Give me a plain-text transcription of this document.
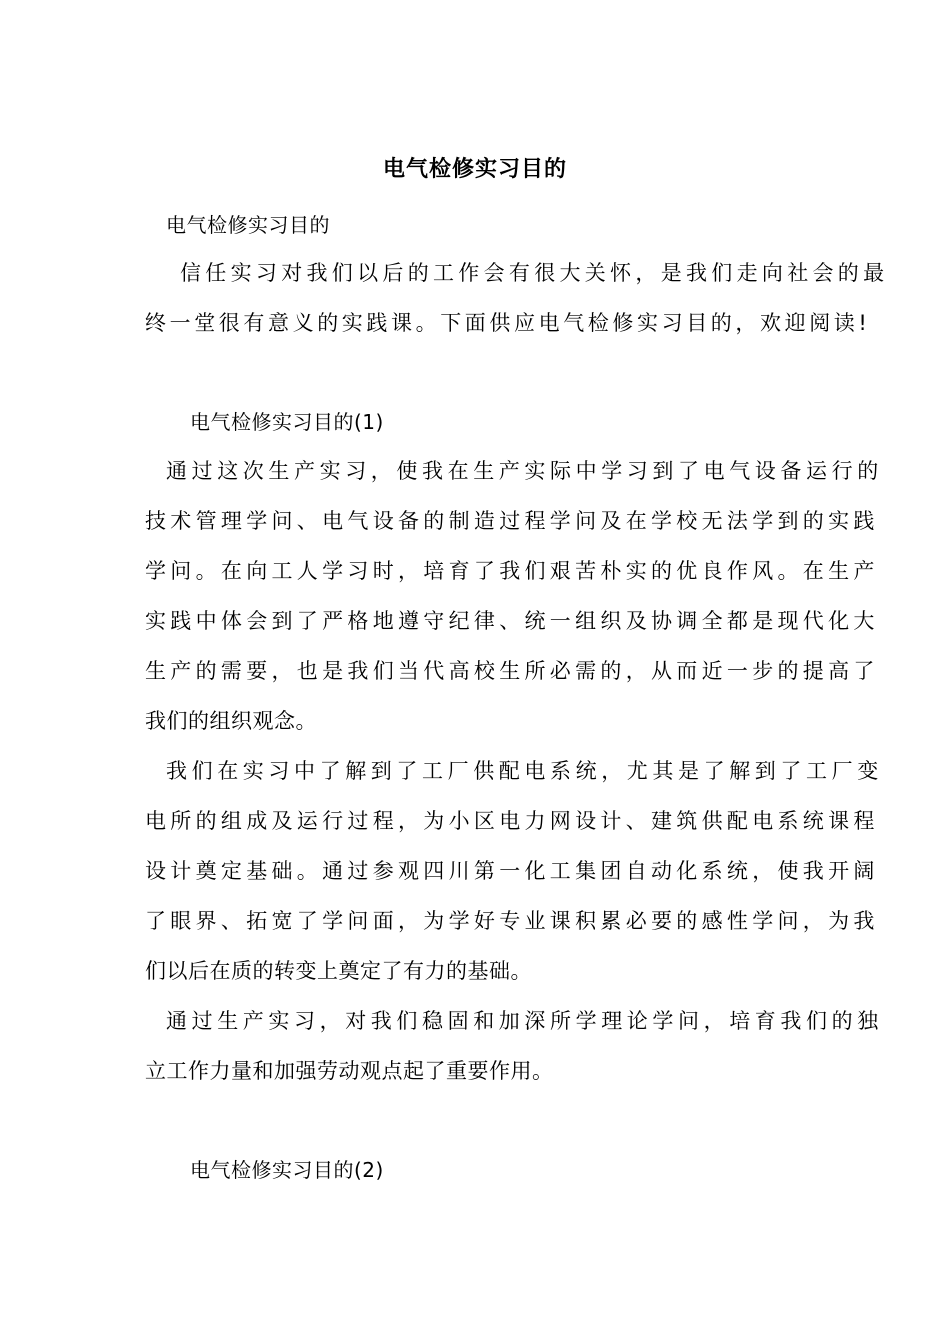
电气检修实习目的
电气检修实习目的
信任实习对我们以后的工作会有很大关怀，是我们走向社会的最
终一堂很有意义的实践课。下面供应电气检修实习目的，欢迎阅读!
电气检修实习目的(1)
通过这次生产实习，使我在生产实际中学习到了电气设备运行的
技术管理学问、电气设备的制造过程学问及在学校无法学到的实践
学问。在向工人学习时，培育了我们艰苦朴实的优良作风。在生产
实践中体会到了严格地遵守纪律、统一组织及协调全都是现代化大
生产的需要，也是我们当代高校生所必需的，从而近一步的提高了
我们的组织观念。
我们在实习中了解到了工厂供配电系统，尤其是了解到了工厂变
电所的组成及运行过程，为小区电力网设计、建筑供配电系统课程
设计奠定基础。通过参观四川第一化工集团自动化系统，使我开阔
了眼界、拓宽了学问面，为学好专业课积累必要的感性学问，为我
们以后在质的转变上奠定了有力的基础。
通过生产实习，对我们稳固和加深所学理论学问，培育我们的独
立工作力量和加强劳动观点起了重要作用。
电气检修实习目的(2)
